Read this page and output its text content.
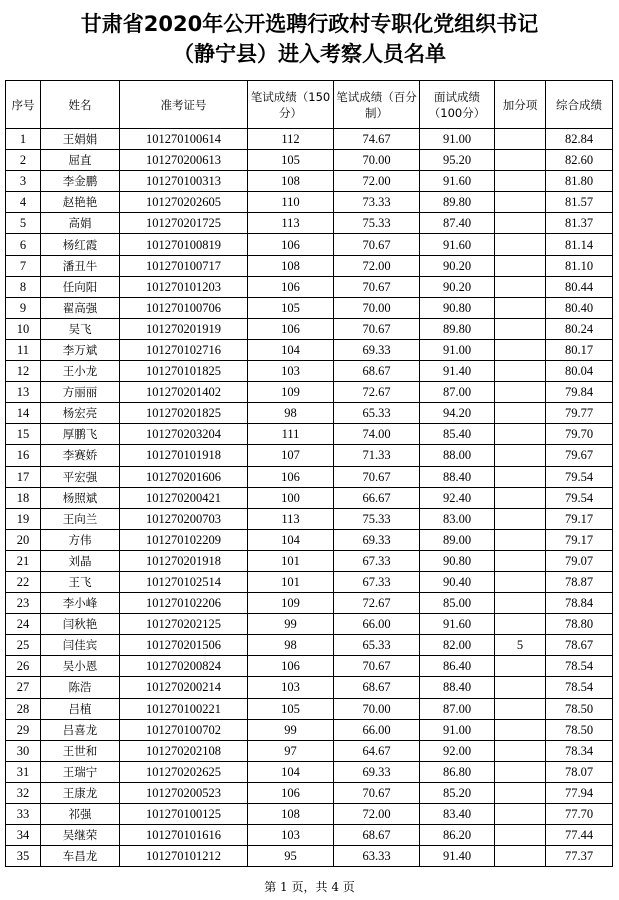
甘肃省2020年公开选聘行政村专职化党组织书记
（静宁县）进入考察人员名单
序号	姓名	准考证号	笔试成绩（150分）	笔试成绩（百分制）	面试成绩（100分）	加分项	综合成绩
1	王娟娟	101270100614	112	74.67	91.00		82.84
2	屈直	101270200613	105	70.00	95.20		82.60
3	李金鹏	101270100313	108	72.00	91.60		81.80
4	赵艳艳	101270202605	110	73.33	89.80		81.57
5	高娟	101270201725	113	75.33	87.40		81.37
6	杨红霞	101270100819	106	70.67	91.60		81.14
7	潘丑牛	101270100717	108	72.00	90.20		81.10
8	任向阳	101270101203	106	70.67	90.20		80.44
9	翟高强	101270100706	105	70.00	90.80		80.40
10	吴飞	101270201919	106	70.67	89.80		80.24
11	李万斌	101270102716	104	69.33	91.00		80.17
12	王小龙	101270101825	103	68.67	91.40		80.04
13	方丽丽	101270201402	109	72.67	87.00		79.84
14	杨宏亮	101270201825	98	65.33	94.20		79.77
15	厚鹏飞	101270203204	111	74.00	85.40		79.70
16	李赛娇	101270101918	107	71.33	88.00		79.67
17	平宏强	101270201606	106	70.67	88.40		79.54
18	杨照斌	101270200421	100	66.67	92.40		79.54
19	王向兰	101270200703	113	75.33	83.00		79.17
20	方伟	101270102209	104	69.33	89.00		79.17
21	刘晶	101270201918	101	67.33	90.80		79.07
22	王飞	101270102514	101	67.33	90.40		78.87
23	李小峰	101270102206	109	72.67	85.00		78.84
24	闫秋艳	101270202125	99	66.00	91.60		78.80
25	闫佳宾	101270201506	98	65.33	82.00	5	78.67
26	吴小恩	101270200824	106	70.67	86.40		78.54
27	陈浩	101270200214	103	68.67	88.40		78.54
28	吕植	101270100221	105	70.00	87.00		78.50
29	吕喜龙	101270100702	99	66.00	91.00		78.50
30	王世和	101270202108	97	64.67	92.00		78.34
31	王瑞宁	101270202625	104	69.33	86.80		78.07
32	王康龙	101270200523	106	70.67	85.20		77.94
33	祁强	101270100125	108	72.00	83.40		77.70
34	吴继荣	101270101616	103	68.67	86.20		77.44
35	车昌龙	101270101212	95	63.33	91.40		77.37
第 1 页，共 4 页
